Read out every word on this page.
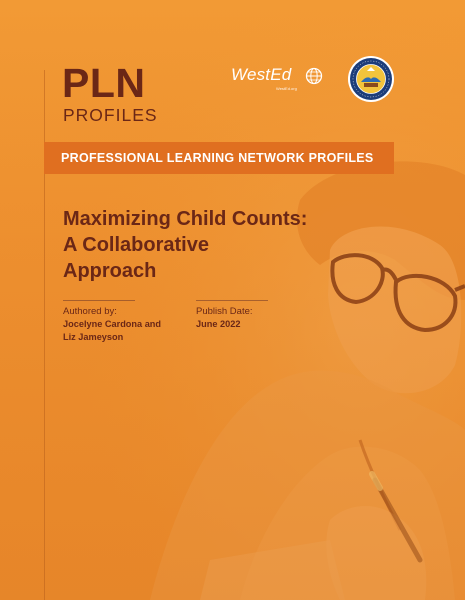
PLN
PROFILES
WestEd
WestEd.org
PROFESSIONAL LEARNING NETWORK PROFILES
Maximizing Child Counts:
A Collaborative
Approach
Authored by:
Jocelyne Cardona and
Liz Jameyson
Publish Date:
June 2022
